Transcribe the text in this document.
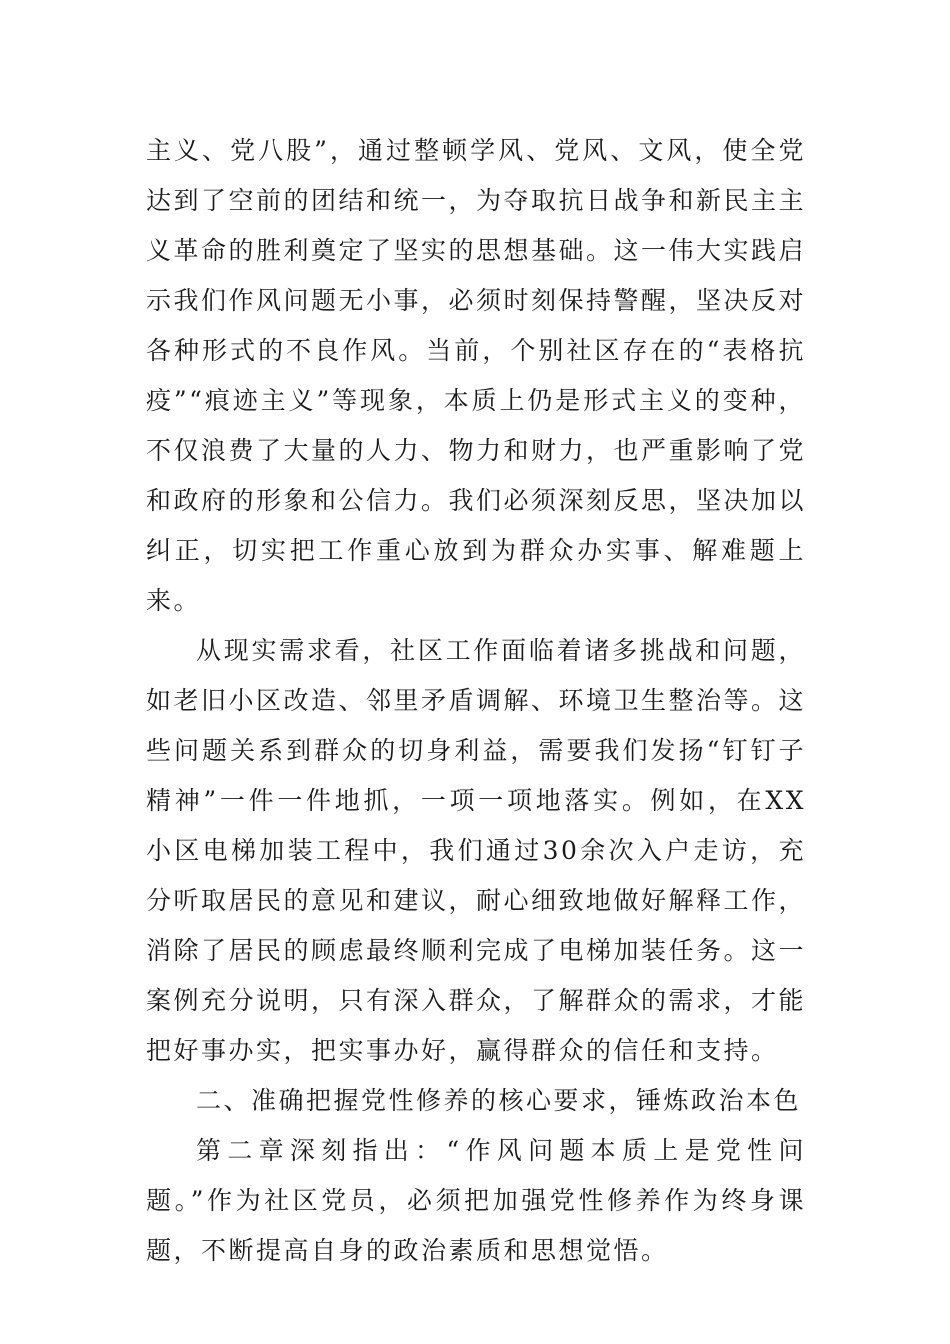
主义、党八股”，通过整顿学风、党风、文风，使全党达到了空前的团结和统一，为夺取抗日战争和新民主主义革命的胜利奠定了坚实的思想基础。这一伟大实践启示我们作风问题无小事，必须时刻保持警醒，坚决反对各种形式的不良作风。当前，个别社区存在的“表格抗疫”“痕迹主义”等现象，本质上仍是形式主义的变种，不仅浪费了大量的人力、物力和财力，也严重影响了党和政府的形象和公信力。我们必须深刻反思，坚决加以纠正，切实把工作重心放到为群众办实事、解难题上来。

从现实需求看，社区工作面临着诸多挑战和问题，如老旧小区改造、邻里矛盾调解、环境卫生整治等。这些问题关系到群众的切身利益，需要我们发扬“钉钉子精神”一件一件地抓，一项一项地落实。例如，在XX小区电梯加装工程中，我们通过30余次入户走访，充分听取居民的意见和建议，耐心细致地做好解释工作，消除了居民的顾虑最终顺利完成了电梯加装任务。这一案例充分说明，只有深入群众，了解群众的需求，才能把好事办实，把实事办好，赢得群众的信任和支持。

二、准确把握党性修养的核心要求，锤炼政治本色

第二章深刻指出：“作风问题本质上是党性问题。”作为社区党员，必须把加强党性修养作为终身课题，不断提高自身的政治素质和思想觉悟。
